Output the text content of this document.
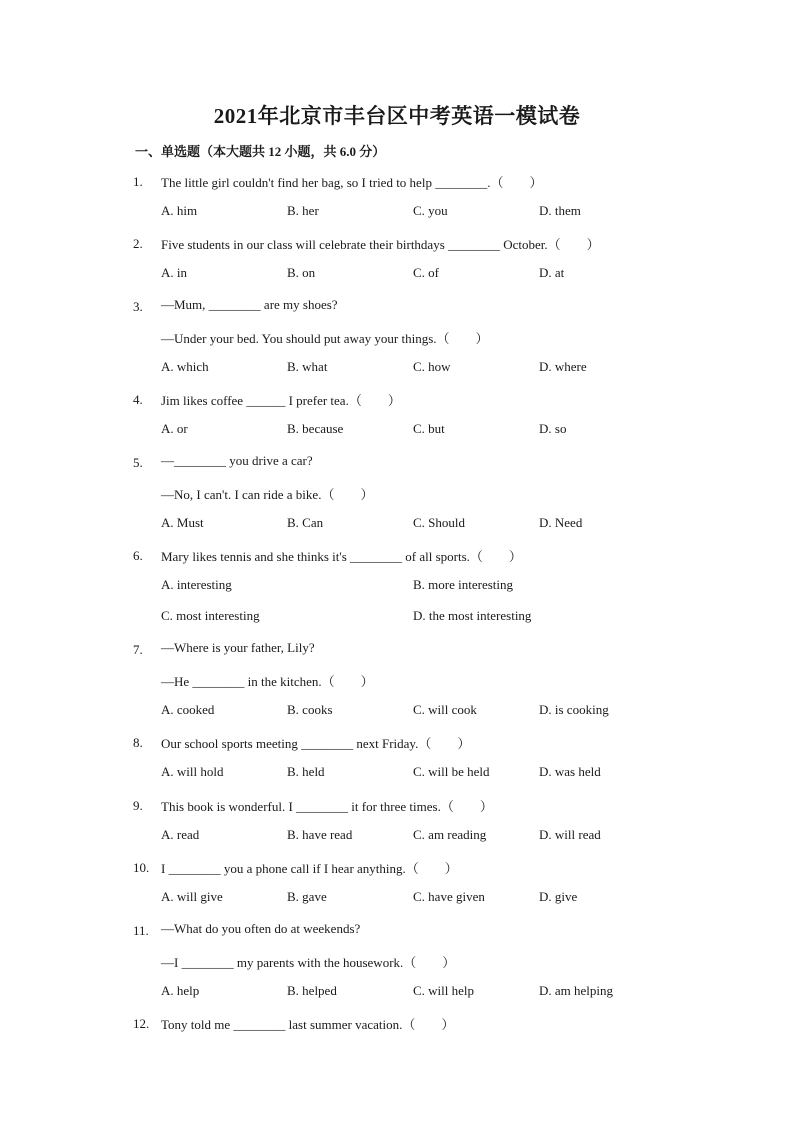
2021年北京市丰台区中考英语一模试卷
一、单选题（本大题共 12 小题，共 6.0 分）
1. The little girl couldn't find her bag, so I tried to help ________.（　　）
A. him	B. her	C. you	D. them
2. Five students in our class will celebrate their birthdays ________ October.（　　）
A. in	B. on	C. of	D. at
3. —Mum, ________ are my shoes?
—Under your bed. You should put away your things.（　　）
A. which	B. what	C. how	D. where
4. Jim likes coffee ______ I prefer tea.（　　）
A. or	B. because	C. but	D. so
5. —________ you drive a car?
—No, I can't. I can ride a bike.（　　）
A. Must	B. Can	C. Should	D. Need
6. Mary likes tennis and she thinks it's ________ of all sports.（　　）
A. interesting	B. more interesting
C. most interesting	D. the most interesting
7. —Where is your father, Lily?
—He ________ in the kitchen.（　　）
A. cooked	B. cooks	C. will cook	D. is cooking
8. Our school sports meeting ________ next Friday.（　　）
A. will hold	B. held	C. will be held	D. was held
9. This book is wonderful. I ________ it for three times.（　　）
A. read	B. have read	C. am reading	D. will read
10. I ________ you a phone call if I hear anything.（　　）
A. will give	B. gave	C. have given	D. give
11. —What do you often do at weekends?
—I ________ my parents with the housework.（　　）
A. help	B. helped	C. will help	D. am helping
12. Tony told me ________ last summer vacation.（　　）
